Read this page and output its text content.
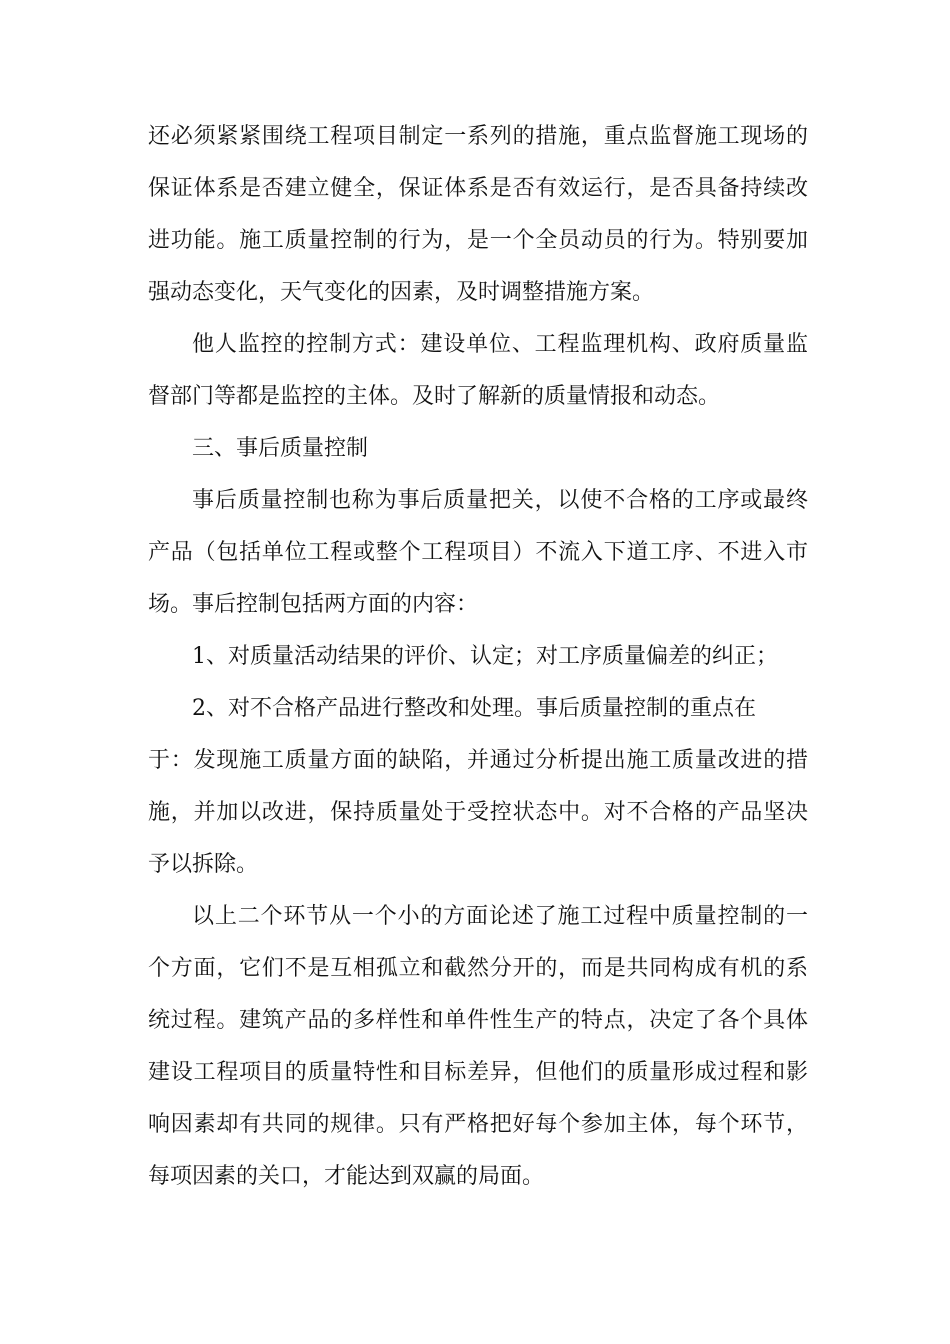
还必须紧紧围绕工程项目制定一系列的措施，重点监督施工现场的
保证体系是否建立健全，保证体系是否有效运行，是否具备持续改
进功能。施工质量控制的行为，是一个全员动员的行为。特别要加
强动态变化，天气变化的因素，及时调整措施方案。
他人监控的控制方式：建设单位、工程监理机构、政府质量监
督部门等都是监控的主体。及时了解新的质量情报和动态。
三、事后质量控制
事后质量控制也称为事后质量把关，以使不合格的工序或最终
产品（包括单位工程或整个工程项目）不流入下道工序、不进入市
场。事后控制包括两方面的内容：
1、对质量活动结果的评价、认定；对工序质量偏差的纠正；
2、对不合格产品进行整改和处理。事后质量控制的重点在
于：发现施工质量方面的缺陷，并通过分析提出施工质量改进的措
施，并加以改进，保持质量处于受控状态中。对不合格的产品坚决
予以拆除。
以上二个环节从一个小的方面论述了施工过程中质量控制的一
个方面，它们不是互相孤立和截然分开的，而是共同构成有机的系
统过程。建筑产品的多样性和单件性生产的特点，决定了各个具体
建设工程项目的质量特性和目标差异，但他们的质量形成过程和影
响因素却有共同的规律。只有严格把好每个参加主体，每个环节，
每项因素的关口，才能达到双赢的局面。
